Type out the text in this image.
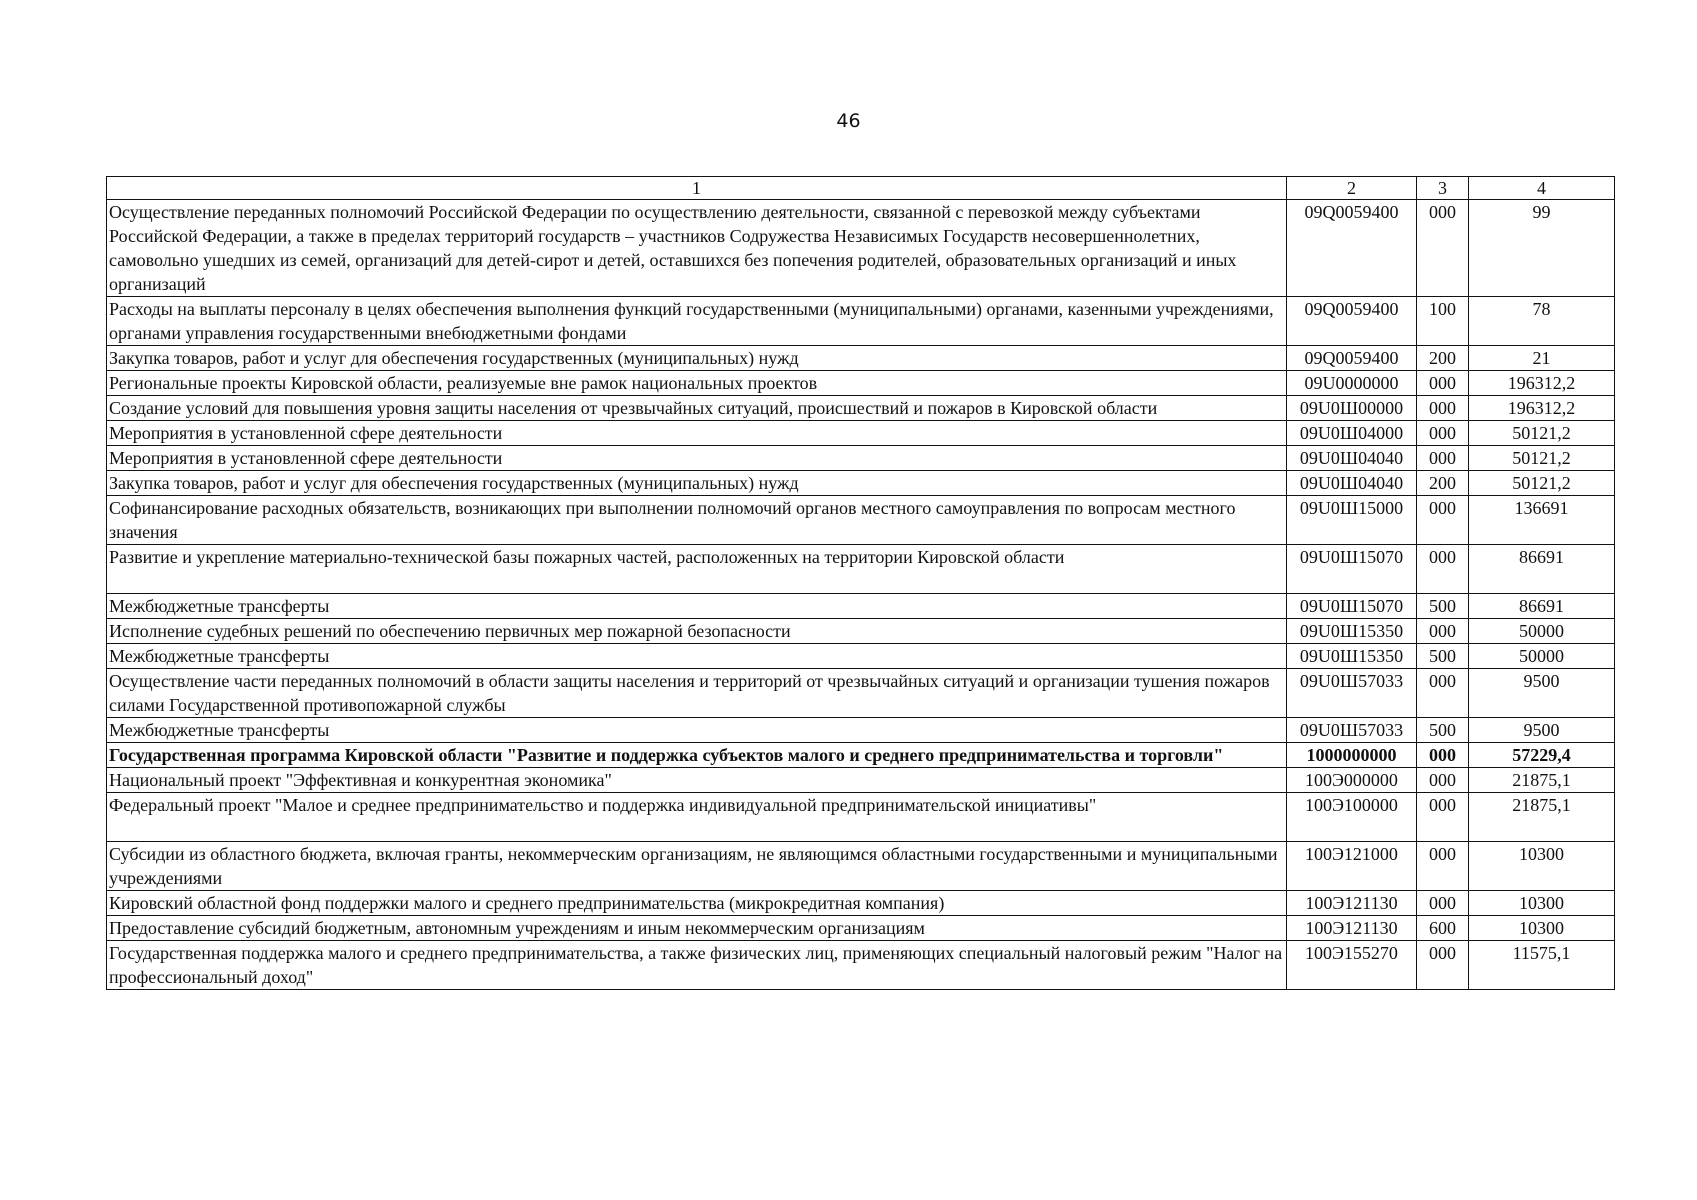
46
1	2	3	4
Осуществление переданных полномочий Российской Федерации по осуществлению деятельности, связанной с перевозкой между субъектами Российской Федерации, а также в пределах территорий государств – участников Содружества Независимых Государств несовершеннолетних, самовольно ушедших из семей, организаций для детей-сирот и детей, оставшихся без попечения родителей, образовательных организаций и иных организаций	09Q0059400	000	99
Расходы на выплаты персоналу в целях обеспечения выполнения функций государственными (муниципальными) органами, казенными учреждениями, органами управления государственными внебюджетными фондами	09Q0059400	100	78
Закупка товаров, работ и услуг для обеспечения государственных (муниципальных) нужд	09Q0059400	200	21
Региональные проекты Кировской области, реализуемые вне рамок национальных проектов	09U0000000	000	196312,2
Создание условий для повышения уровня защиты населения от чрезвычайных ситуаций, происшествий и пожаров в Кировской области	09U0Ш00000	000	196312,2
Мероприятия в установленной сфере деятельности	09U0Ш04000	000	50121,2
Мероприятия в установленной сфере деятельности	09U0Ш04040	000	50121,2
Закупка товаров, работ и услуг для обеспечения государственных (муниципальных) нужд	09U0Ш04040	200	50121,2
Софинансирование расходных обязательств, возникающих при выполнении полномочий органов местного самоуправления по вопросам местного значения	09U0Ш15000	000	136691
Развитие и укрепление материально-технической базы пожарных частей, расположенных на территории Кировской области	09U0Ш15070	000	86691
Межбюджетные трансферты	09U0Ш15070	500	86691
Исполнение судебных решений по обеспечению первичных мер пожарной безопасности	09U0Ш15350	000	50000
Межбюджетные трансферты	09U0Ш15350	500	50000
Осуществление части переданных полномочий в области защиты населения и территорий от чрезвычайных ситуаций и организации тушения пожаров силами Государственной противопожарной службы	09U0Ш57033	000	9500
Межбюджетные трансферты	09U0Ш57033	500	9500
Государственная программа Кировской области "Развитие и поддержка субъектов малого и среднего предпринимательства и торговли"	1000000000	000	57229,4
Национальный проект "Эффективная и конкурентная экономика"	100Э000000	000	21875,1
Федеральный проект "Малое и среднее предпринимательство и поддержка индивидуальной предпринимательской инициативы"	100Э100000	000	21875,1
Субсидии из областного бюджета, включая гранты, некоммерческим организациям, не являющимся областными государственными и муниципальными учреждениями	100Э121000	000	10300
Кировский областной фонд поддержки малого и среднего предпринимательства (микрокредитная компания)	100Э121130	000	10300
Предоставление субсидий бюджетным, автономным учреждениям и иным некоммерческим организациям	100Э121130	600	10300
Государственная поддержка малого и среднего предпринимательства, а также физических лиц, применяющих специальный налоговый режим "Налог на профессиональный доход"	100Э155270	000	11575,1
